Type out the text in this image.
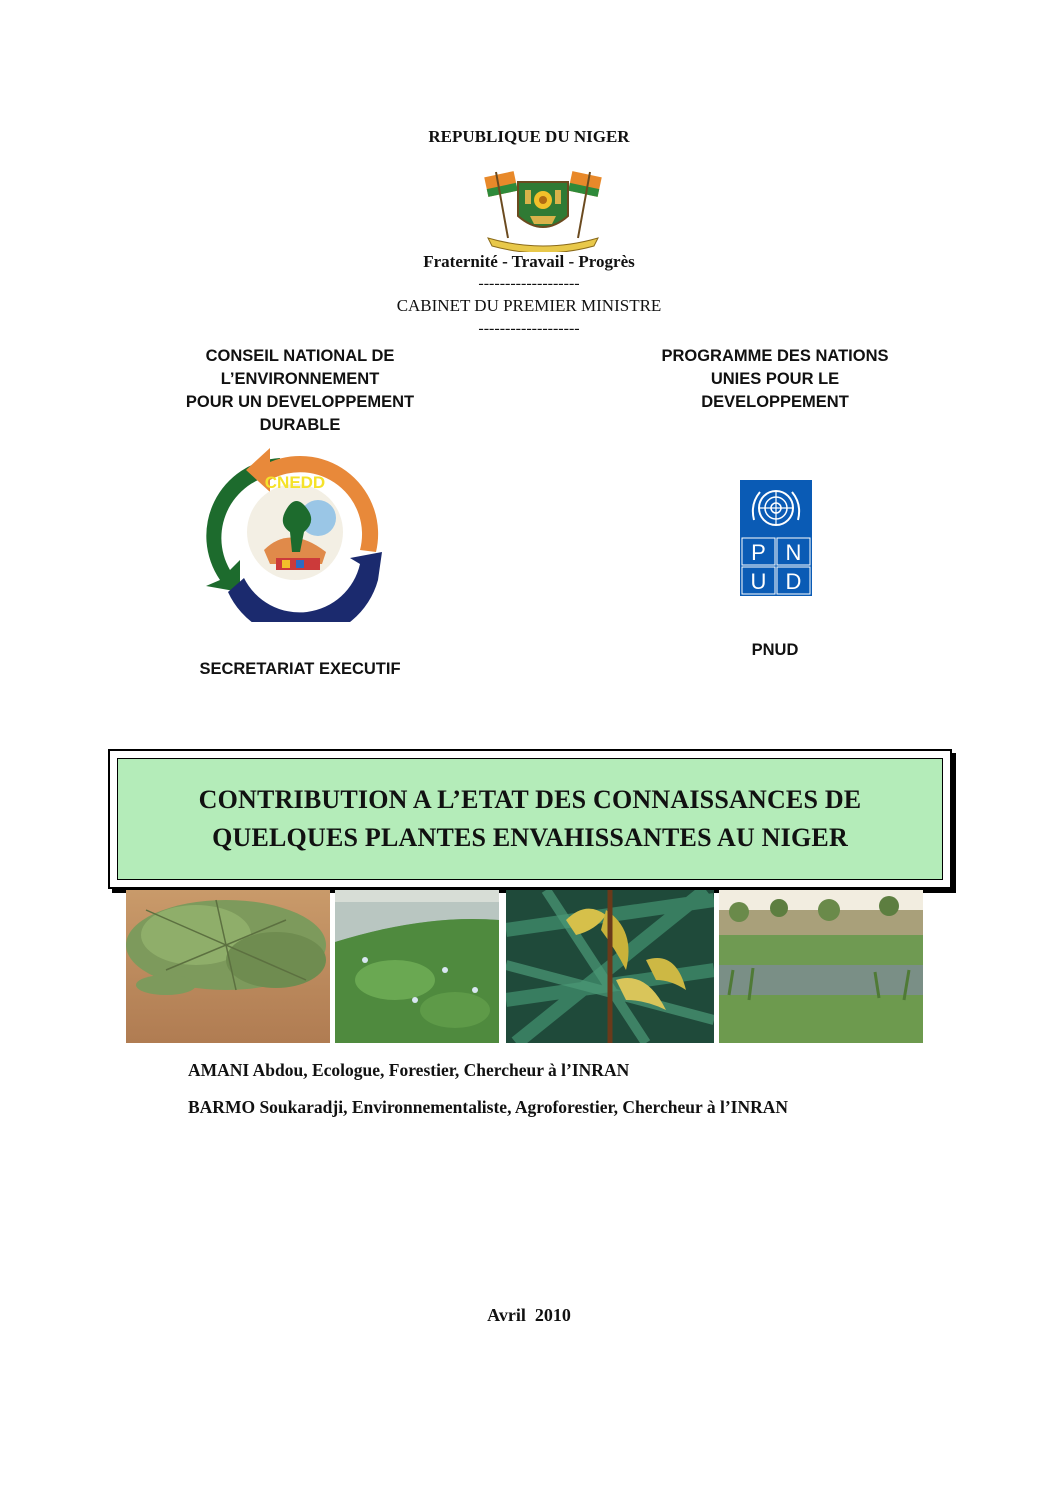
REPUBLIQUE DU NIGER
Fraternité - Travail - Progrès
-------------------
CABINET DU PREMIER MINISTRE
-------------------
CONSEIL NATIONAL DE
L’ENVIRONNEMENT
POUR UN DEVELOPPEMENT
DURABLE
PROGRAMME DES NATIONS
UNIES POUR LE
DEVELOPPEMENT
CNEDD
PNEDD
P N
U D
PNUD
SECRETARIAT EXECUTIF
CONTRIBUTION A L’ETAT DES CONNAISSANCES DE
QUELQUES PLANTES ENVAHISSANTES AU NIGER
AMANI Abdou, Ecologue, Forestier, Chercheur à l’INRAN
BARMO Soukaradji, Environnementaliste, Agroforestier, Chercheur à l’INRAN
Avril  2010
